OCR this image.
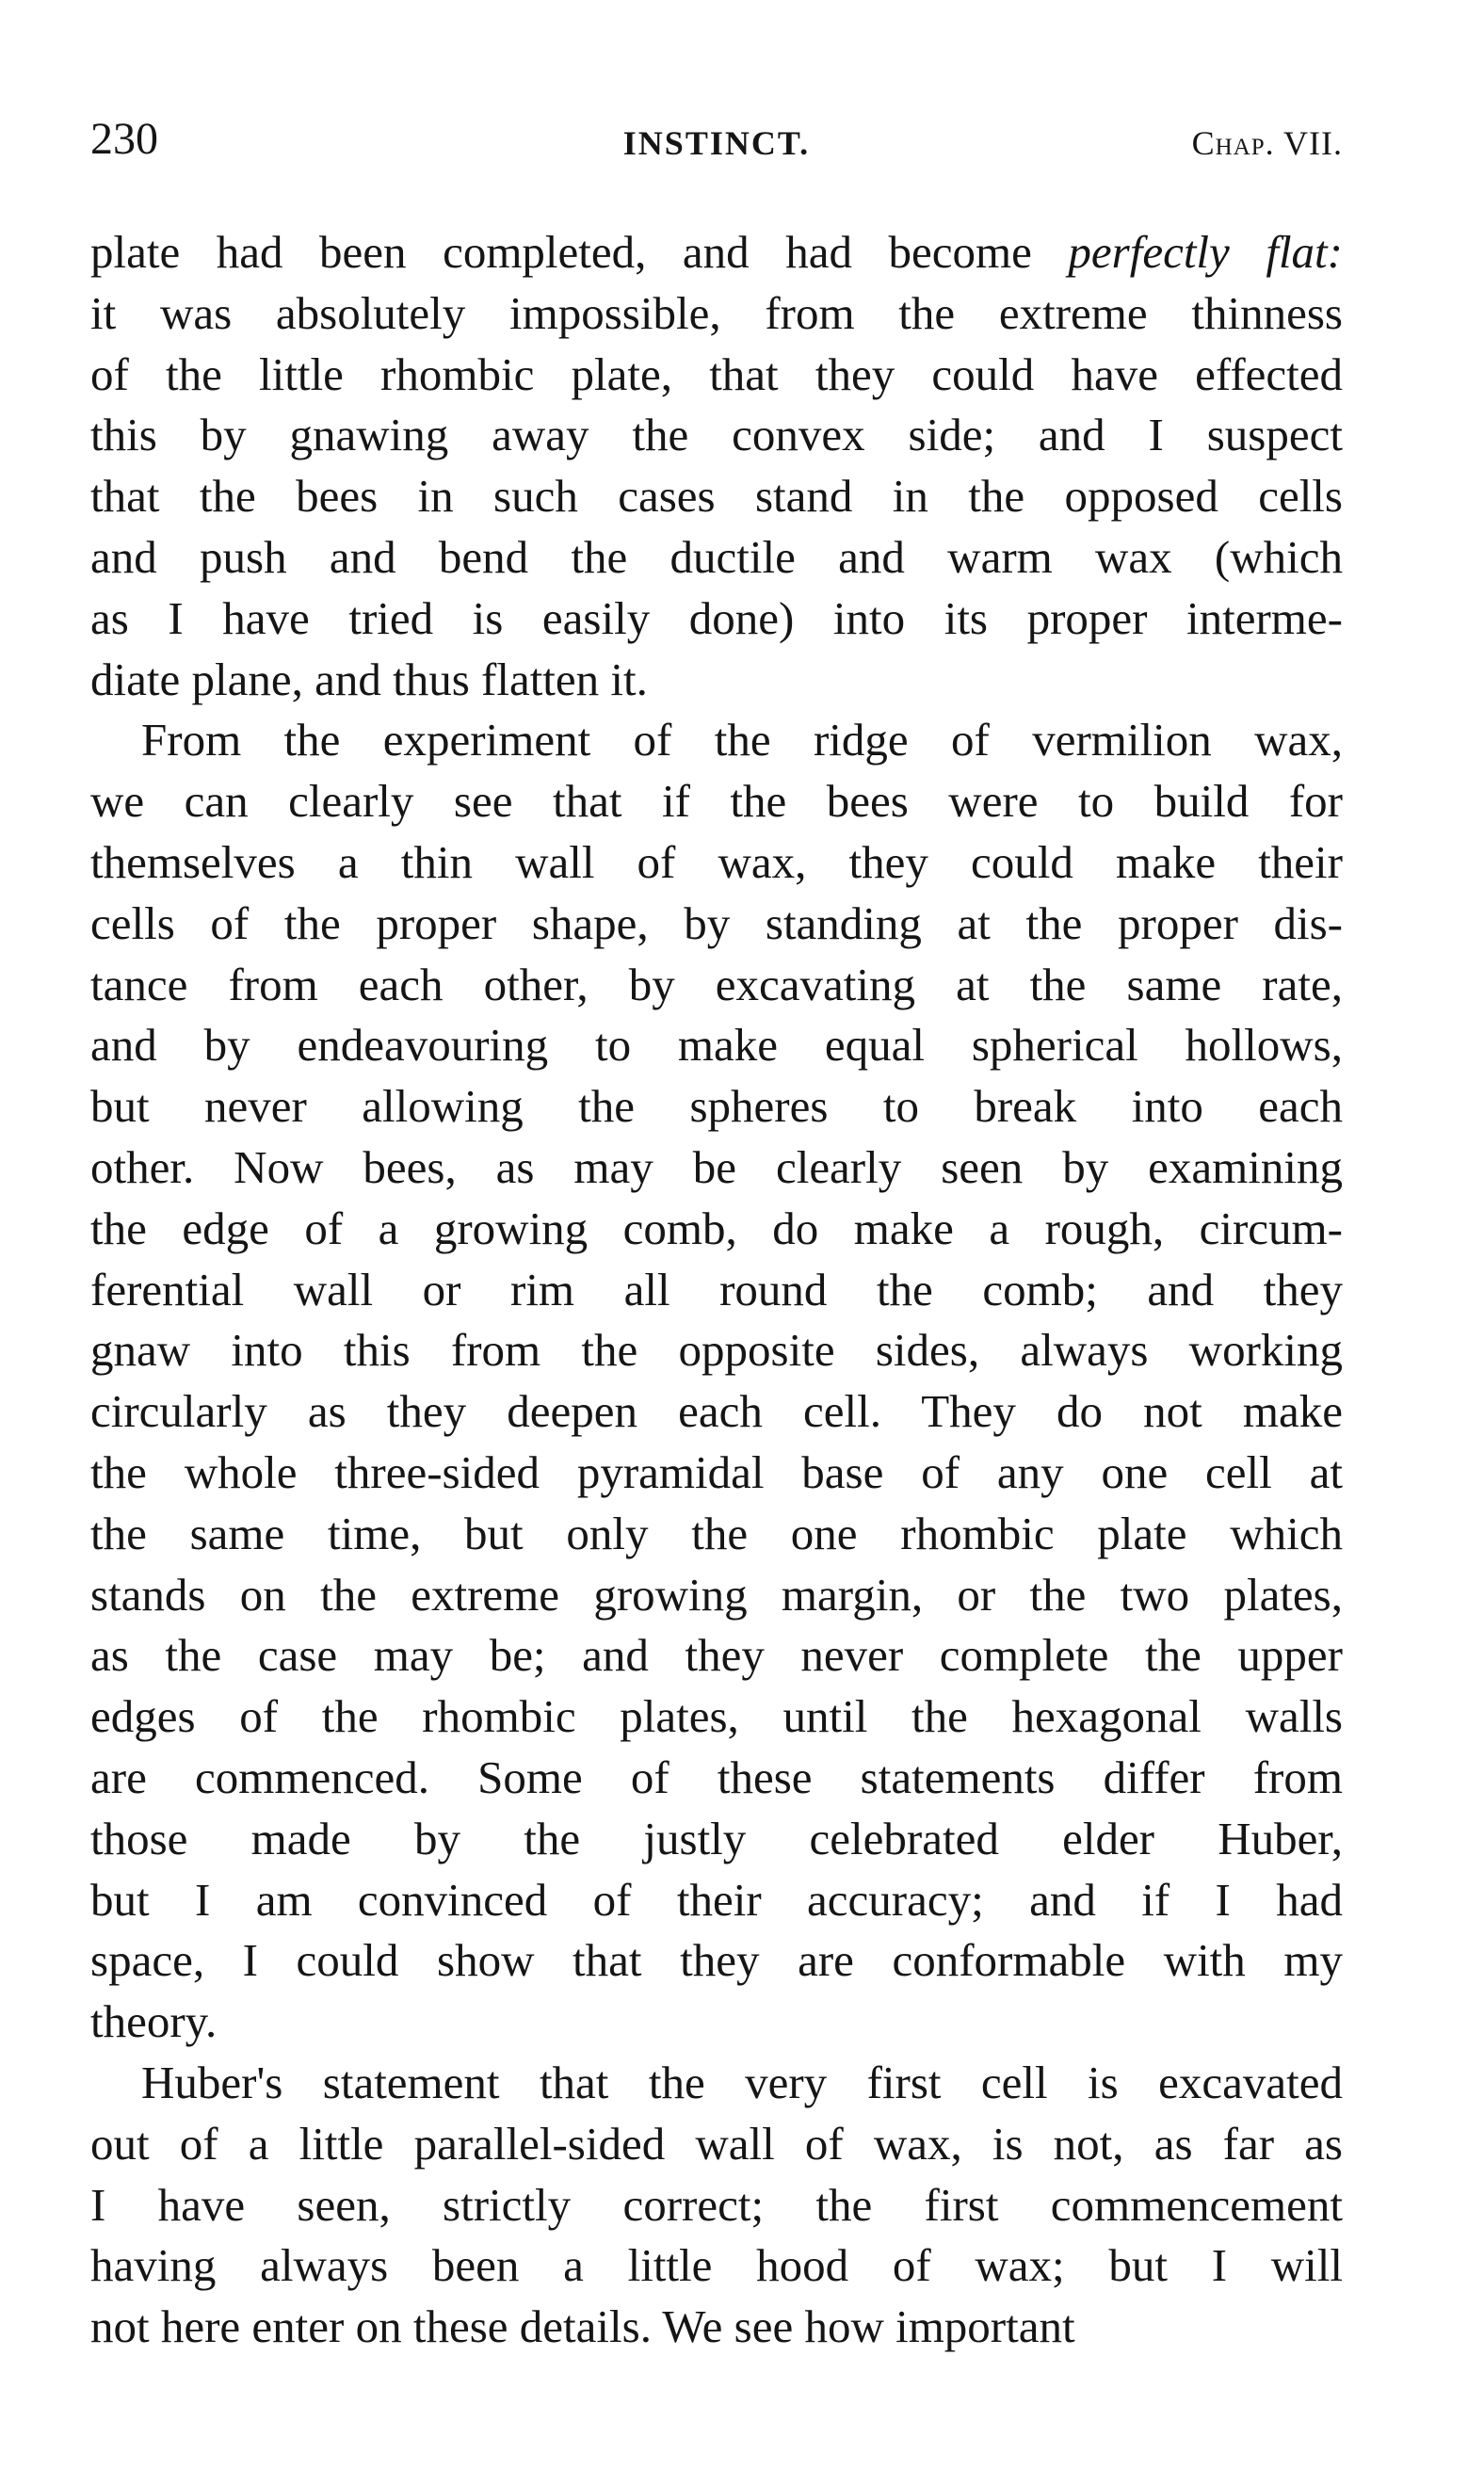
230	INSTINCT.	Chap. VII.
plate had been completed, and had become perfectly flat:
it was absolutely impossible, from the extreme thinness
of the little rhombic plate, that they could have effected
this by gnawing away the convex side; and I suspect
that the bees in such cases stand in the opposed cells
and push and bend the ductile and warm wax (which
as I have tried is easily done) into its proper interme-
diate plane, and thus flatten it.
From the experiment of the ridge of vermilion wax,
we can clearly see that if the bees were to build for
themselves a thin wall of wax, they could make their
cells of the proper shape, by standing at the proper dis-
tance from each other, by excavating at the same rate,
and by endeavouring to make equal spherical hollows,
but never allowing the spheres to break into each
other. Now bees, as may be clearly seen by examining
the edge of a growing comb, do make a rough, circum-
ferential wall or rim all round the comb; and they
gnaw into this from the opposite sides, always working
circularly as they deepen each cell. They do not make
the whole three-sided pyramidal base of any one cell at
the same time, but only the one rhombic plate which
stands on the extreme growing margin, or the two plates,
as the case may be; and they never complete the upper
edges of the rhombic plates, until the hexagonal walls
are commenced. Some of these statements differ from
those made by the justly celebrated elder Huber,
but I am convinced of their accuracy; and if I had
space, I could show that they are conformable with my
theory.
Huber's statement that the very first cell is excavated
out of a little parallel-sided wall of wax, is not, as far as
I have seen, strictly correct; the first commencement
having always been a little hood of wax; but I will
not here enter on these details. We see how important
